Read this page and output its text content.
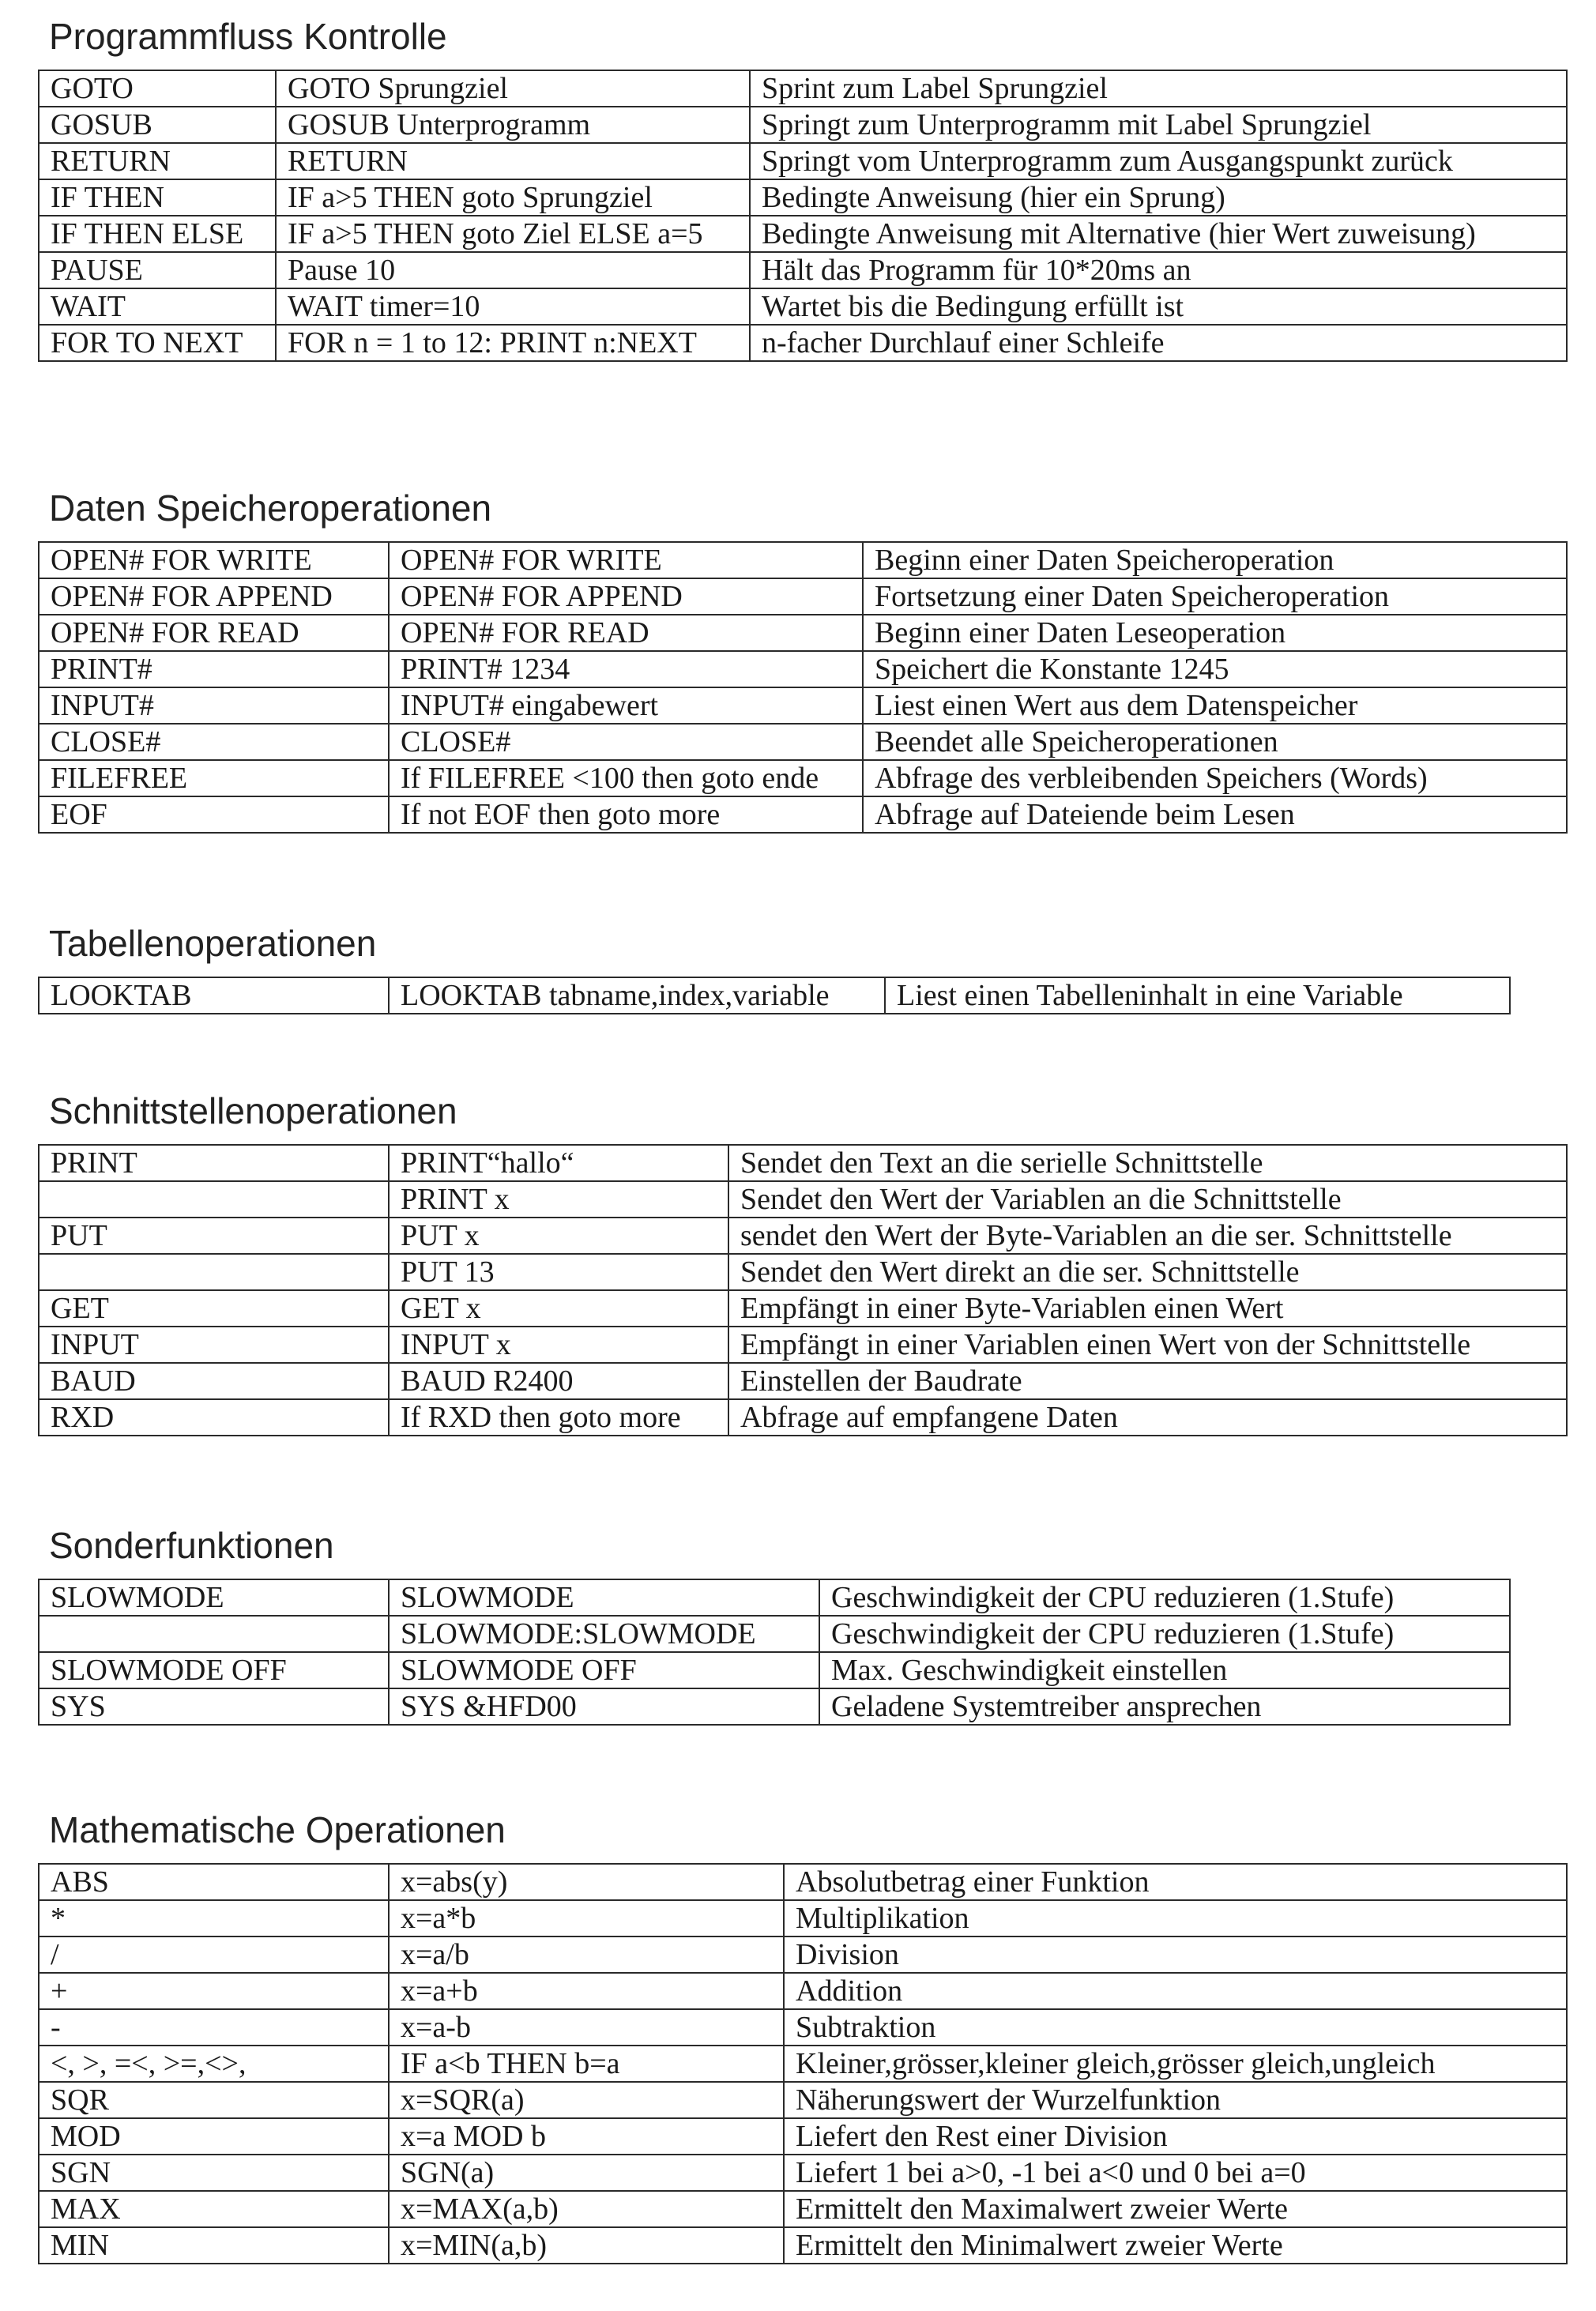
Programmfluss Kontrolle
GOTO	GOTO Sprungziel	Sprint zum Label Sprungziel
GOSUB	GOSUB Unterprogramm	Springt zum Unterprogramm mit Label Sprungziel
RETURN	RETURN	Springt vom Unterprogramm zum Ausgangspunkt zurück
IF THEN	IF a>5 THEN goto Sprungziel	Bedingte Anweisung (hier ein Sprung)
IF THEN ELSE	IF a>5 THEN goto Ziel ELSE a=5	Bedingte Anweisung mit Alternative (hier Wert zuweisung)
PAUSE	Pause 10	Hält das Programm für 10*20ms an
WAIT	WAIT timer=10	Wartet bis die Bedingung erfüllt ist
FOR TO NEXT	FOR n = 1 to 12: PRINT n:NEXT	n-facher Durchlauf einer Schleife
Daten Speicheroperationen
OPEN# FOR WRITE	OPEN# FOR WRITE	Beginn einer Daten Speicheroperation
OPEN# FOR APPEND	OPEN# FOR APPEND	Fortsetzung einer Daten Speicheroperation
OPEN# FOR READ	OPEN# FOR READ	Beginn einer Daten Leseoperation
PRINT#	PRINT# 1234	Speichert die Konstante 1245
INPUT#	INPUT# eingabewert	Liest einen Wert aus dem Datenspeicher
CLOSE#	CLOSE#	Beendet alle Speicheroperationen
FILEFREE	If FILEFREE <100 then goto ende	Abfrage des verbleibenden Speichers (Words)
EOF	If not EOF then goto more	Abfrage auf Dateiende beim Lesen
Tabellenoperationen
LOOKTAB	LOOKTAB tabname,index,variable	Liest einen Tabelleninhalt in eine Variable
Schnittstellenoperationen
PRINT	PRINT“hallo“	Sendet den Text an die serielle Schnittstelle
	PRINT x	Sendet den Wert der Variablen an die Schnittstelle
PUT	PUT x	sendet den Wert der Byte-Variablen an die ser. Schnittstelle
	PUT 13	Sendet den Wert direkt an die ser. Schnittstelle
GET	GET x	Empfängt in einer Byte-Variablen einen Wert
INPUT	INPUT x	Empfängt in einer Variablen einen Wert von der Schnittstelle
BAUD	BAUD R2400	Einstellen der Baudrate
RXD	If RXD then goto more	Abfrage auf empfangene Daten
Sonderfunktionen
SLOWMODE	SLOWMODE	Geschwindigkeit der CPU reduzieren (1.Stufe)
	SLOWMODE:SLOWMODE	Geschwindigkeit der CPU reduzieren (1.Stufe)
SLOWMODE OFF	SLOWMODE OFF	Max. Geschwindigkeit einstellen
SYS	SYS &HFD00	Geladene Systemtreiber ansprechen
Mathematische Operationen
ABS	x=abs(y)	Absolutbetrag einer Funktion
*	x=a*b	Multiplikation
/	x=a/b	Division
+	x=a+b	Addition
-	x=a-b	Subtraktion
<, >, =<, >=,<>,	IF a<b THEN b=a	Kleiner,grösser,kleiner gleich,grösser gleich,ungleich
SQR	x=SQR(a)	Näherungswert der Wurzelfunktion
MOD	x=a MOD b	Liefert den Rest einer Division
SGN	SGN(a)	Liefert 1 bei a>0, -1 bei a<0 und 0 bei a=0
MAX	x=MAX(a,b)	Ermittelt den Maximalwert zweier Werte
MIN	x=MIN(a,b)	Ermittelt den Minimalwert zweier Werte
